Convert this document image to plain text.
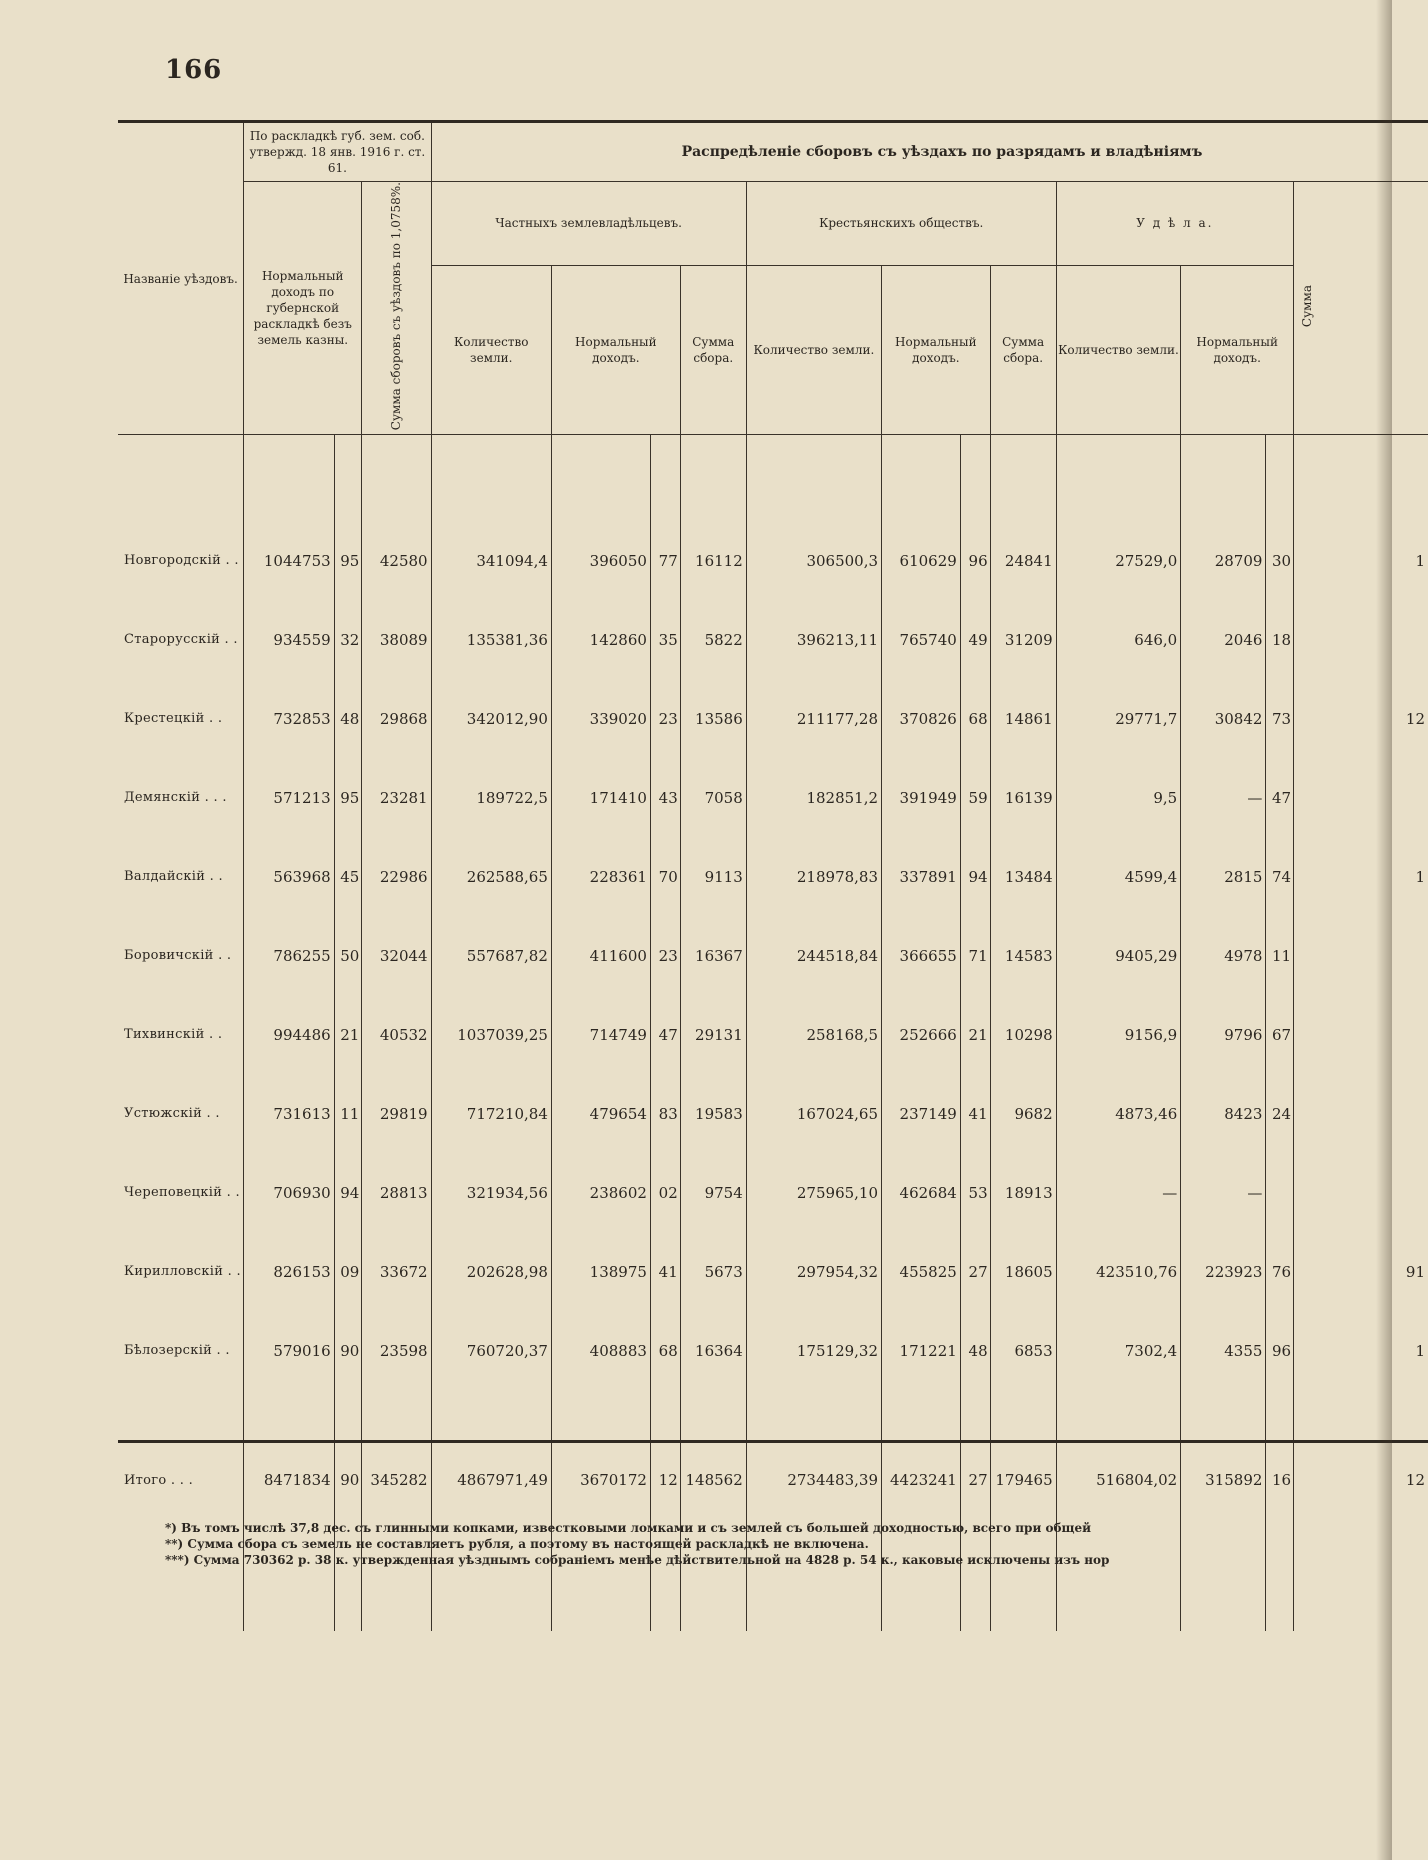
166
Названіе уѣздовъ.	По раскладкѣ губ. зем. соб. утвержд. 18 янв. 1916 г. ст. 61.			Распредѣленіе сборовъ съ уѣздахъ по разрядамъ и владѣніямъ											
	Нормальный доходъ по губернской раскладкѣ безъ земель казны.		Сумма сборовъ съ уѣздовъ по 1,0758%.	Частныхъ землевладѣльцевъ.				Крестьянскихъ обществъ.				У д ѣ л а.			Сумма
				Количество земли.	Нормальный доходъ.		Сумма сбора.	Количество земли.	Нормальный доходъ.		Сумма сбора.	Количество земли.	Нормальный доходъ.		

Новгородскій . .	1044753	95	42580	341094,4	396050	77	16112	306500,3	610629	96	24841	27529,0	28709	30	1
Старорусскій . .	934559	32	38089	135381,36	142860	35	5822	396213,11	765740	49	31209	646,0	2046	18	
Крестецкій . .	732853	48	29868	342012,90	339020	23	13586	211177,28	370826	68	14861	29771,7	30842	73	12
Демянскій . . .	571213	95	23281	189722,5	171410	43	7058	182851,2	391949	59	16139	9,5	—	47	
Валдайскій . .	563968	45	22986	262588,65	228361	70	9113	218978,83	337891	94	13484	4599,4	2815	74	1
Боровичскій . .	786255	50	32044	557687,82	411600	23	16367	244518,84	366655	71	14583	9405,29	4978	11	
Тихвинскій . .	994486	21	40532	1037039,25	714749	47	29131	258168,5	252666	21	10298	9156,9	9796	67	
Устюжскій . .	731613	11	29819	717210,84	479654	83	19583	167024,65	237149	41	9682	4873,46	8423	24	
Череповецкій . .	706930	94	28813	321934,56	238602	02	9754	275965,10	462684	53	18913	—	—		
Кирилловскій . .	826153	09	33672	202628,98	138975	41	5673	297954,32	455825	27	18605	423510,76	223923	76	91
Бѣлозерскій . .	579016	90	23598	760720,37	408883	68	16364	175129,32	171221	48	6853	7302,4	4355	96	1

Итого . . .	8471834	90	345282	4867971,49	3670172	12	148562	2734483,39	4423241	27	179465	516804,02	315892	16	12
*) Въ томъ числѣ 37,8 дес. съ глинными копками, известковыми ломками и съ землей съ большей доходностью, всего при общей
**) Сумма сбора съ земель не составляетъ рубля, а поэтому въ настоящей раскладкѣ не включена.
***) Сумма 730362 р. 38 к. утвержденная уѣзднымъ собраніемъ менѣе дѣйствительной на 4828 р. 54 к., каковые исключены изъ нор
